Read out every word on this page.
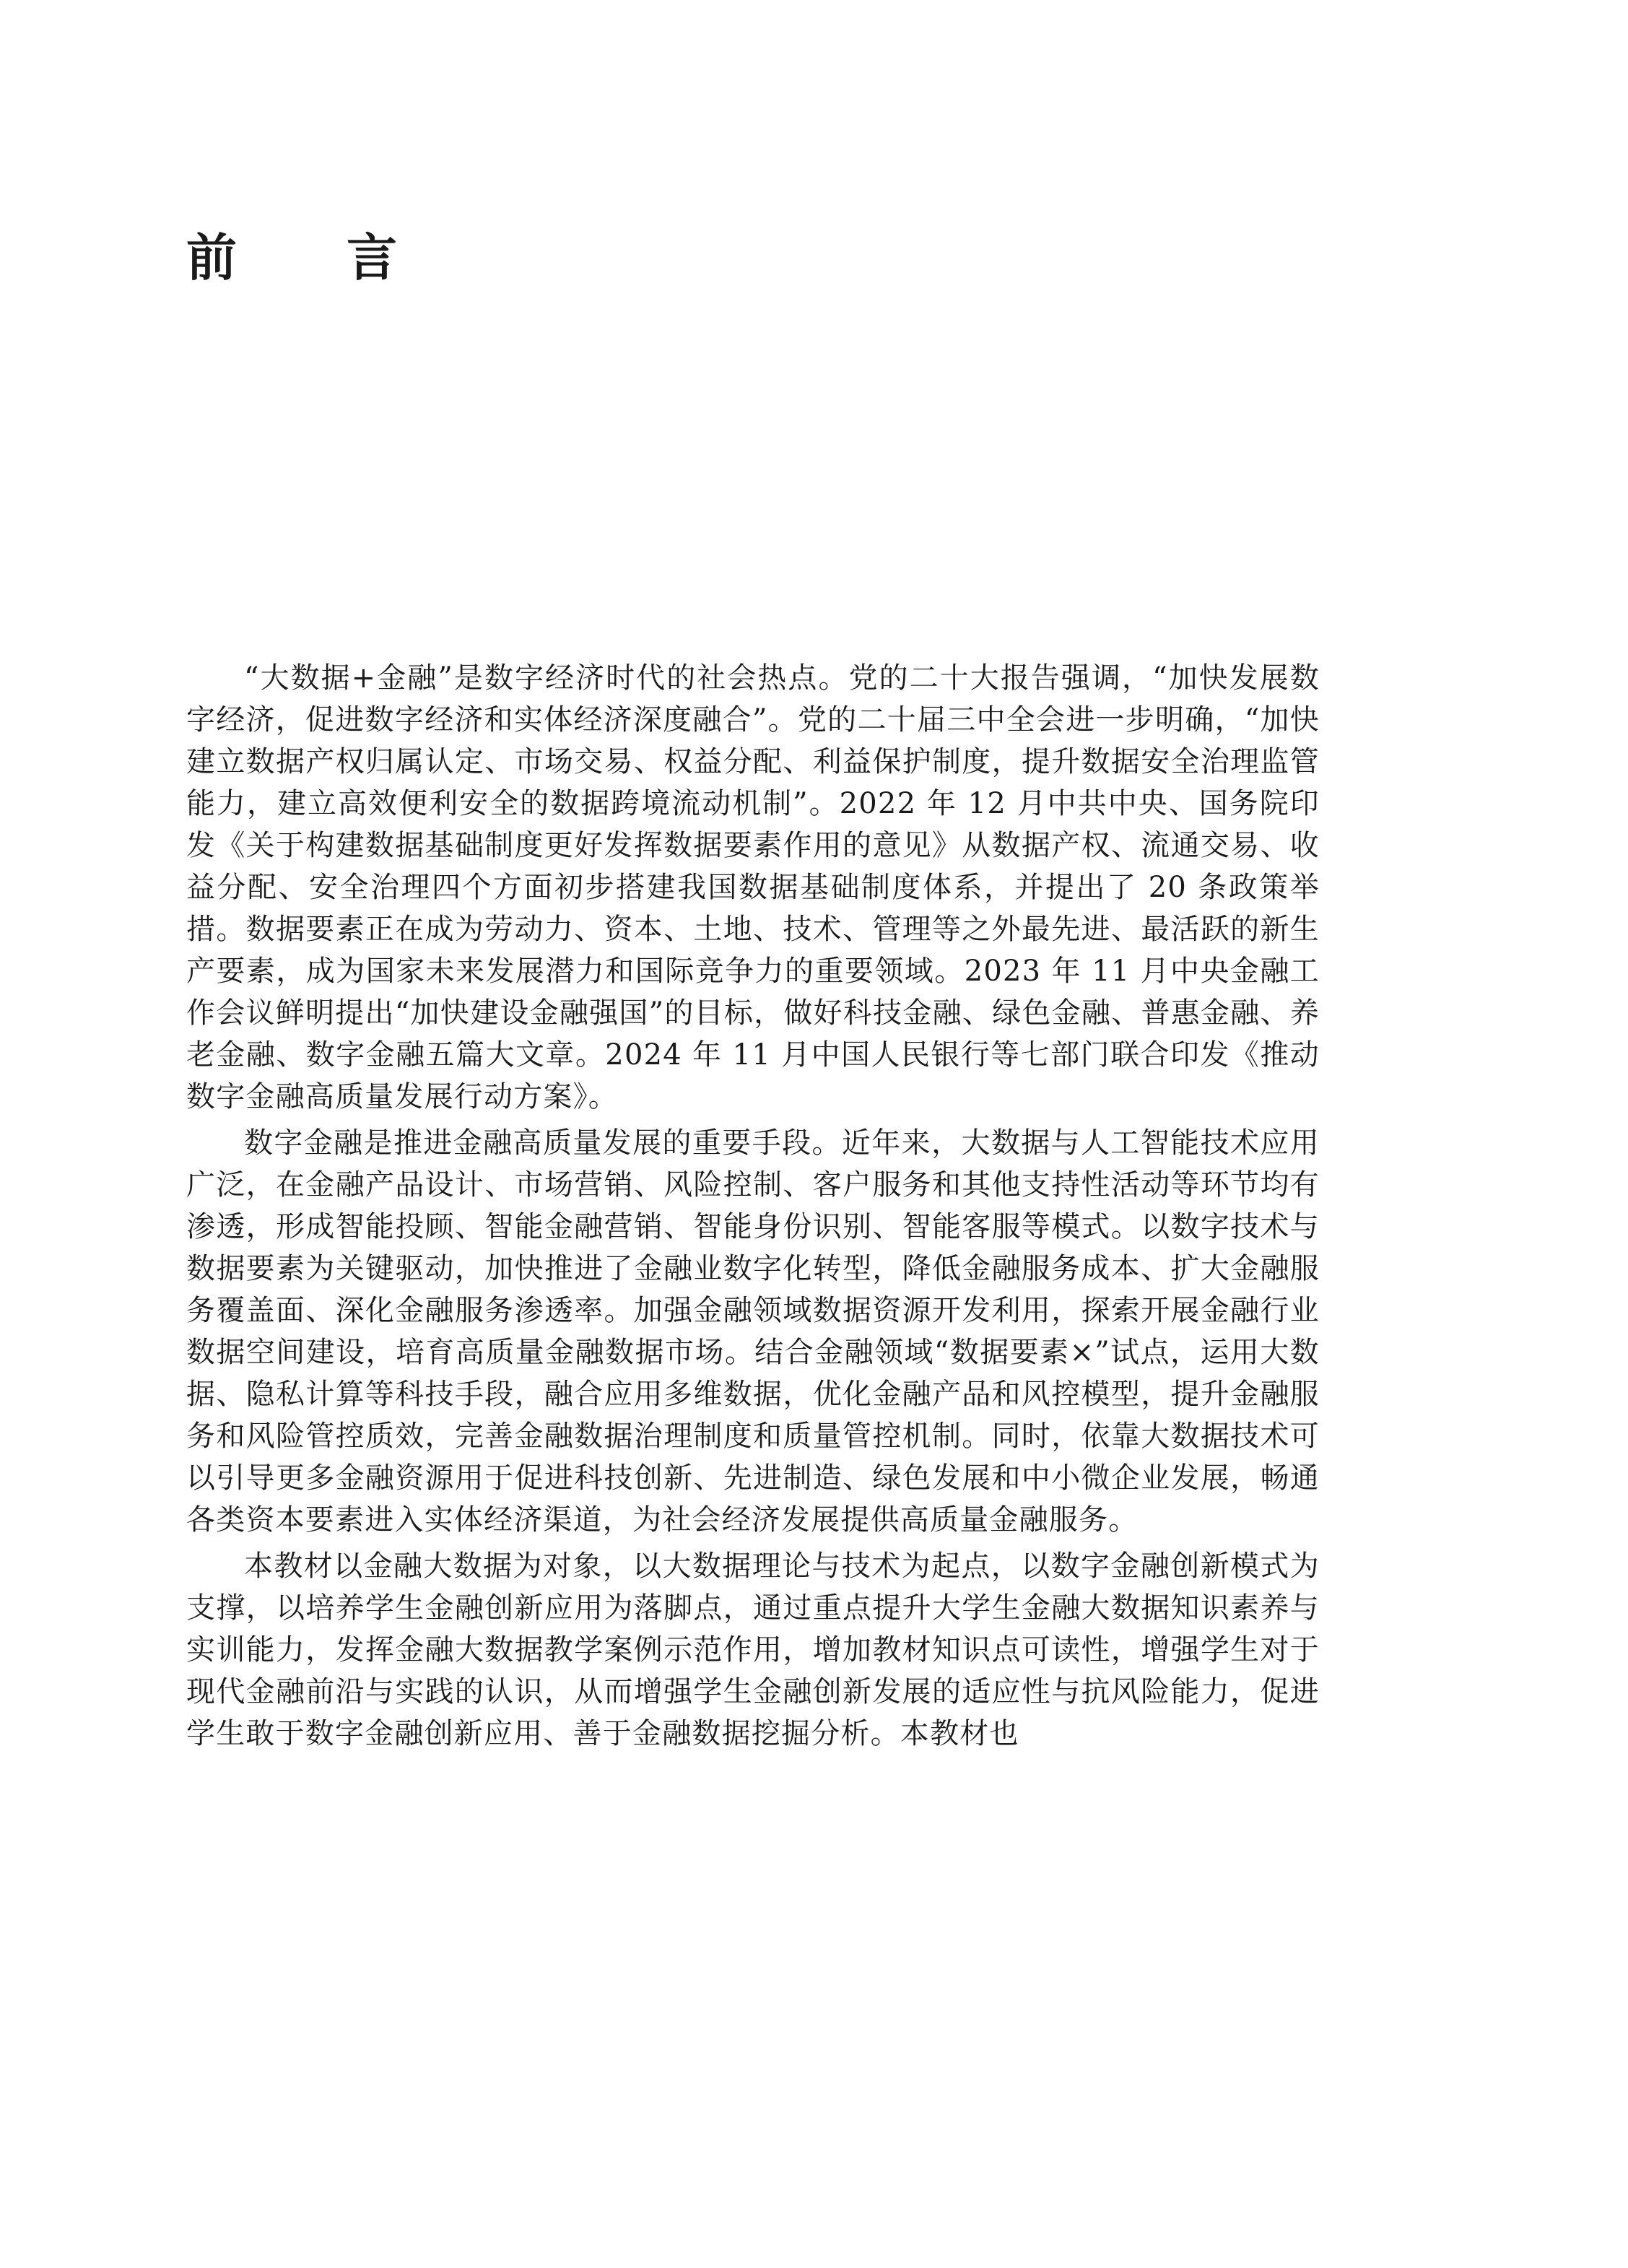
前言

“大数据+金融”是数字经济时代的社会热点。党的二十大报告强调，“加快发展数字经济，促进数字经济和实体经济深度融合”。党的二十届三中全会进一步明确，“加快建立数据产权归属认定、市场交易、权益分配、利益保护制度，提升数据安全治理监管能力，建立高效便利安全的数据跨境流动机制”。2022 年 12 月中共中央、国务院印发《关于构建数据基础制度更好发挥数据要素作用的意见》从数据产权、流通交易、收益分配、安全治理四个方面初步搭建我国数据基础制度体系，并提出了 20 条政策举措。数据要素正在成为劳动力、资本、土地、技术、管理等之外最先进、最活跃的新生产要素，成为国家未来发展潜力和国际竞争力的重要领域。2023 年 11 月中央金融工作会议鲜明提出“加快建设金融强国”的目标，做好科技金融、绿色金融、普惠金融、养老金融、数字金融五篇大文章。2024 年 11 月中国人民银行等七部门联合印发《推动数字金融高质量发展行动方案》。

数字金融是推进金融高质量发展的重要手段。近年来，大数据与人工智能技术应用广泛，在金融产品设计、市场营销、风险控制、客户服务和其他支持性活动等环节均有渗透，形成智能投顾、智能金融营销、智能身份识别、智能客服等模式。以数字技术与数据要素为关键驱动，加快推进了金融业数字化转型，降低金融服务成本、扩大金融服务覆盖面、深化金融服务渗透率。加强金融领域数据资源开发利用，探索开展金融行业数据空间建设，培育高质量金融数据市场。结合金融领域“数据要素×”试点，运用大数据、隐私计算等科技手段，融合应用多维数据，优化金融产品和风控模型，提升金融服务和风险管控质效，完善金融数据治理制度和质量管控机制。同时，依靠大数据技术可以引导更多金融资源用于促进科技创新、先进制造、绿色发展和中小微企业发展，畅通各类资本要素进入实体经济渠道，为社会经济发展提供高质量金融服务。

本教材以金融大数据为对象，以大数据理论与技术为起点，以数字金融创新模式为支撑，以培养学生金融创新应用为落脚点，通过重点提升大学生金融大数据知识素养与实训能力，发挥金融大数据教学案例示范作用，增加教材知识点可读性，增强学生对于现代金融前沿与实践的认识，从而增强学生金融创新发展的适应性与抗风险能力，促进学生敢于数字金融创新应用、善于金融数据挖掘分析。本教材也
